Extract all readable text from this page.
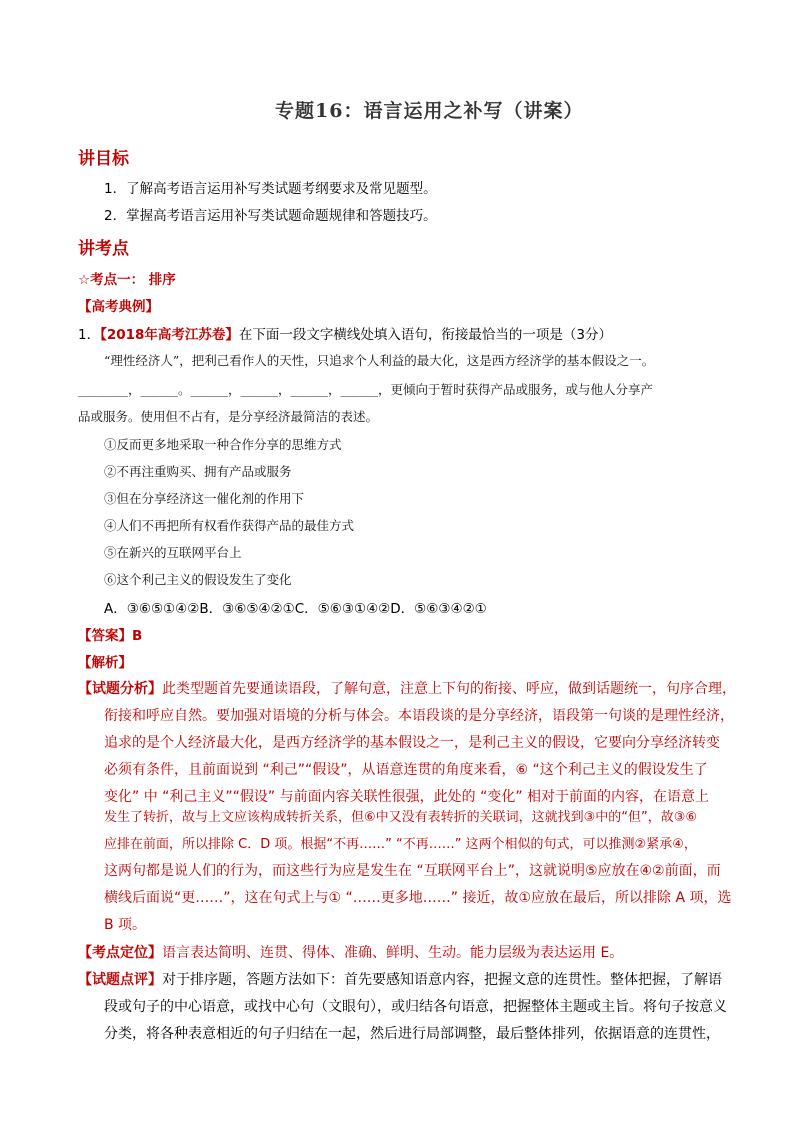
专题16：语言运用之补写（讲案）
讲目标
1．了解高考语言运用补写类试题考纲要求及常见题型。
2．掌握高考语言运用补写类试题命题规律和答题技巧。
讲考点
☆考点一： 排序
【高考典例】
1．【2018年高考江苏卷】在下面一段文字横线处填入语句，衔接最恰当的一项是（3分）
“理性经济人”，把利己看作人的天性，只追求个人利益的最大化，这是西方经济学的基本假设之一。
________，______。______，______，______，______，更倾向于暂时获得产品或服务，或与他人分享产
品或服务。使用但不占有，是分享经济最简洁的表述。
①反而更多地采取一种合作分享的思维方式
②不再注重购买、拥有产品或服务
③但在分享经济这一催化剂的作用下
④人们不再把所有权看作获得产品的最佳方式
⑤在新兴的互联网平台上
⑥这个利己主义的假设发生了变化
A．③⑥⑤①④②B．③⑥⑤④②①C．⑤⑥③①④②D．⑤⑥③④②①
【答案】B
【解析】
【试题分析】此类型题首先要通读语段，了解句意，注意上下句的衔接、呼应，做到话题统一，句序合理，
衔接和呼应自然。要加强对语境的分析与体会。本语段谈的是分享经济，语段第一句谈的是理性经济，
追求的是个人经济最大化，是西方经济学的基本假设之一，是利己主义的假设，它要向分享经济转变
必须有条件，且前面说到 “利己”“假设”，从语意连贯的角度来看，⑥ “这个利己主义的假设发生了
变化” 中 “利己主义”“假设” 与前面内容关联性很强，此处的 “变化” 相对于前面的内容，在语意上
发生了转折，故与上文应该构成转折关系，但⑥中又没有表转折的关联词，这就找到③中的“但”，故③⑥
应排在前面，所以排除 C．D 项。根据“不再……” “不再……” 这两个相似的句式，可以推测②紧承④，
这两句都是说人们的行为，而这些行为应是发生在 “互联网平台上”，这就说明⑤应放在④②前面，而
横线后面说“更……”，这在句式上与① “……更多地……” 接近，故①应放在最后，所以排除 A 项，选
B 项。
【考点定位】语言表达简明、连贯、得体、准确、鲜明、生动。能力层级为表达运用 E。
【试题点评】对于排序题，答题方法如下：首先要感知语意内容，把握文意的连贯性。整体把握，了解语
段或句子的中心语意，或找中心句（文眼句），或归结各句语意，把握整体主题或主旨。将句子按意义
分类，将各种表意相近的句子归结在一起，然后进行局部调整，最后整体排列，依据语意的连贯性，
